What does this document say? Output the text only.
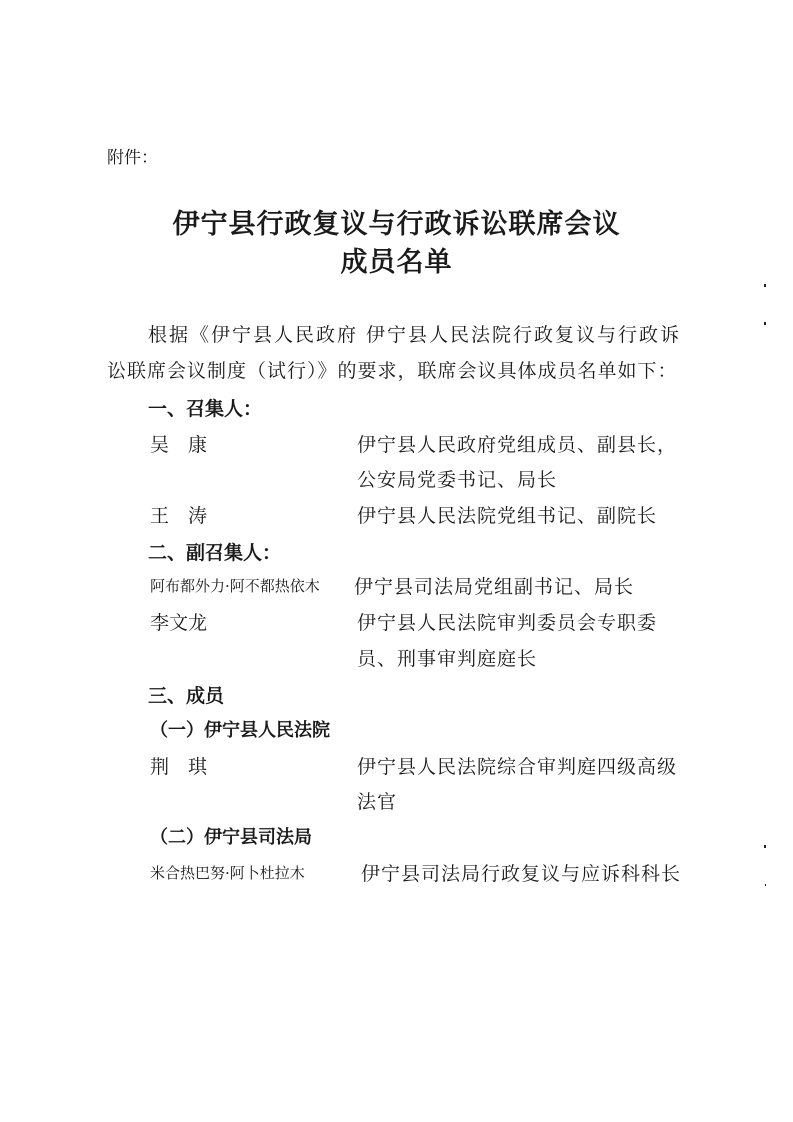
附件：
伊宁县行政复议与行政诉讼联席会议
成员名单
根据《伊宁县人民政府 伊宁县人民法院行政复议与行政诉
讼联席会议制度（试行）》的要求，联席会议具体成员名单如下：
一、召集人：
吴　康	伊宁县人民政府党组成员、副县长，
公安局党委书记、局长
王　涛	伊宁县人民法院党组书记、副院长
二、副召集人：
阿布都外力·阿不都热依木 伊宁县司法局党组副书记、局长
李文龙	伊宁县人民法院审判委员会专职委
员、刑事审判庭庭长
三、成员
（一）伊宁县人民法院
荆　琪	伊宁县人民法院综合审判庭四级高级
法官
（二）伊宁县司法局
米合热巴努·阿卜杜拉木	伊宁县司法局行政复议与应诉科科长
